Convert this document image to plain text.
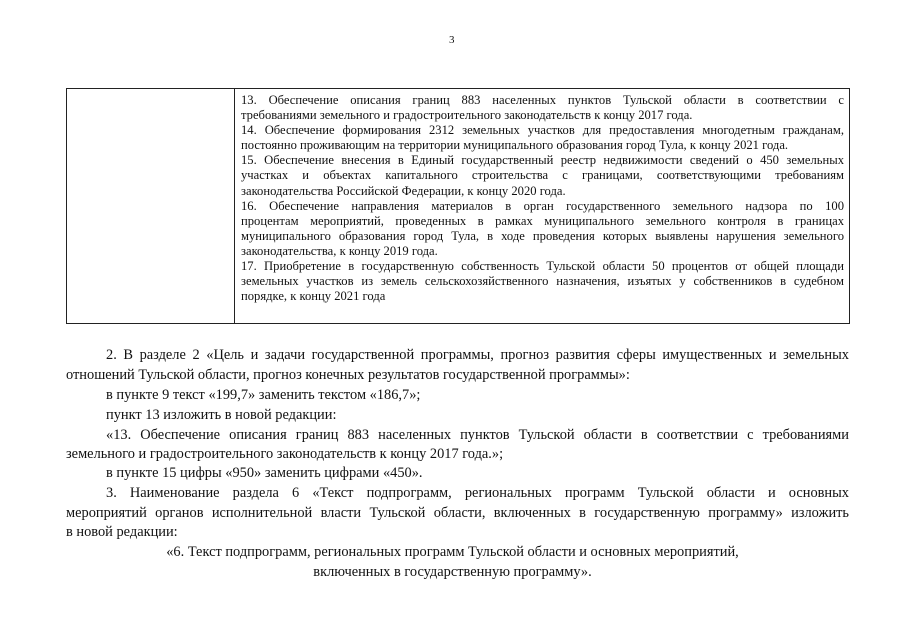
3
13. Обеспечение описания границ 883 населенных пунктов Тульской области в соответствии с
требованиями земельного и градостроительного законодательств к концу 2017 года.
14. Обеспечение формирования 2312 земельных участков для предоставления многодетным гражданам,
постоянно проживающим на территории муниципального образования город Тула, к концу 2021 года.
15. Обеспечение внесения в Единый государственный реестр недвижимости сведений о 450 земельных
участках и объектах капитального строительства с границами, соответствующими требованиям
законодательства Российской Федерации, к концу 2020 года.
16. Обеспечение направления материалов в орган государственного земельного надзора по 100
процентам мероприятий, проведенных в рамках муниципального земельного контроля в границах
муниципального образования город Тула, в ходе проведения которых выявлены нарушения земельного
законодательства, к концу 2019 года.
17. Приобретение в государственную собственность Тульской области 50 процентов от общей площади
земельных участков из земель сельскохозяйственного назначения, изъятых у собственников в судебном
порядке, к концу 2021 года
2. В разделе 2 «Цель и задачи государственной программы, прогноз развития сферы имущественных и земельных
отношений Тульской области, прогноз конечных результатов государственной программы»:
в пункте 9 текст «199,7» заменить текстом «186,7»;
пункт 13 изложить в новой редакции:
«13. Обеспечение описания границ 883 населенных пунктов Тульской области в соответствии с требованиями
земельного и градостроительного законодательств к концу 2017 года.»;
в пункте 15 цифры «950» заменить цифрами «450».
3. Наименование раздела 6 «Текст подпрограмм, региональных программ Тульской области и основных
мероприятий органов исполнительной власти Тульской области, включенных в государственную программу» изложить
в новой редакции:
«6. Текст подпрограмм, региональных программ Тульской области и основных мероприятий,
включенных в государственную программу».
